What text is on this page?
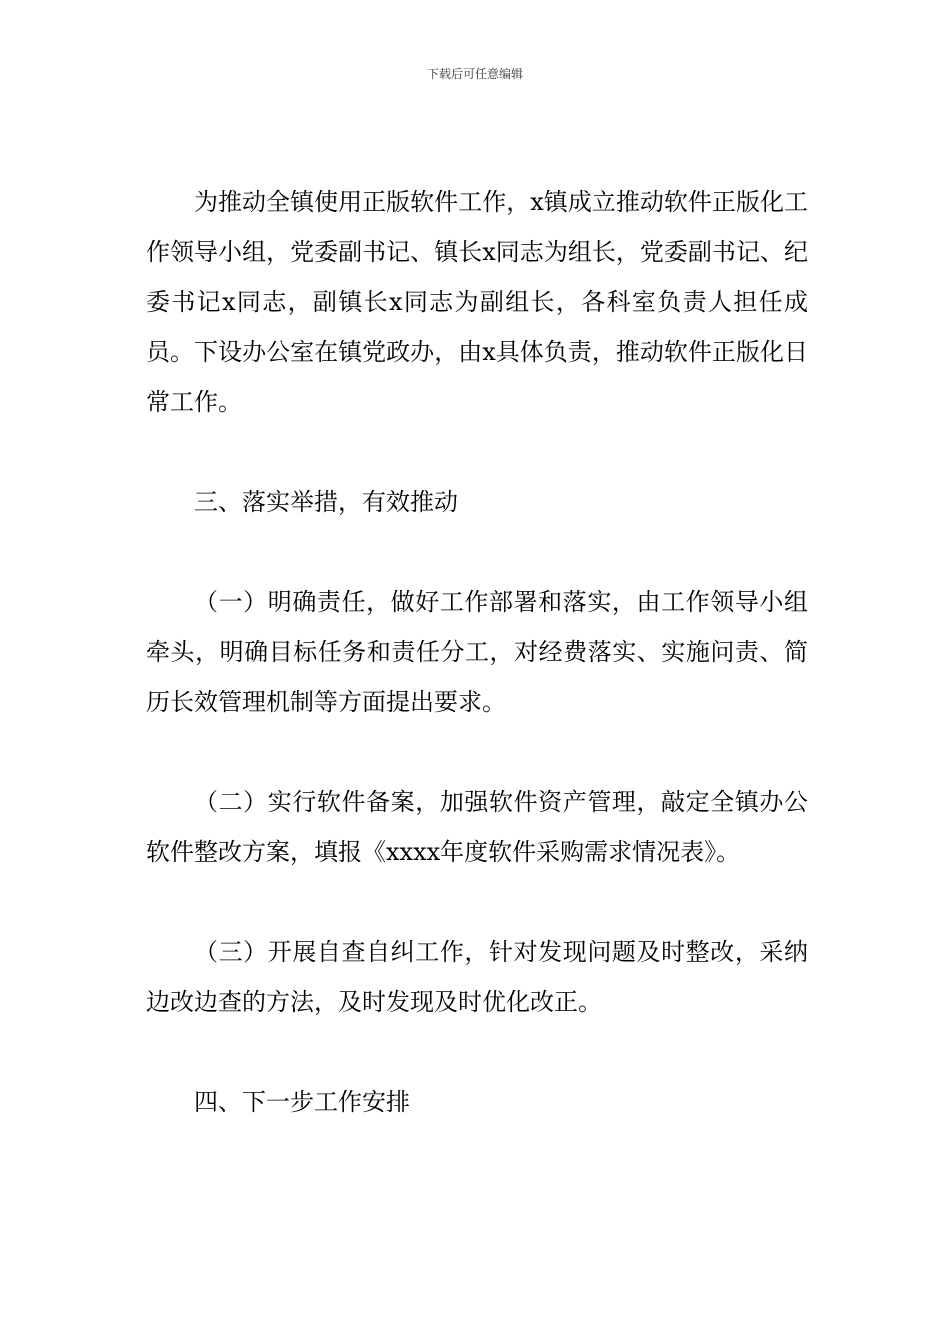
下载后可任意编辑

为推动全镇使用正版软件工作，x镇成立推动软件正版化工作领导小组，党委副书记、镇长x同志为组长，党委副书记、纪委书记x同志，副镇长x同志为副组长，各科室负责人担任成员。下设办公室在镇党政办，由x具体负责，推动软件正版化日常工作。

三、落实举措，有效推动

（一）明确责任，做好工作部署和落实，由工作领导小组牵头，明确目标任务和责任分工，对经费落实、实施问责、简历长效管理机制等方面提出要求。

（二）实行软件备案，加强软件资产管理，敲定全镇办公软件整改方案，填报《xxxx年度软件采购需求情况表》。

（三）开展自查自纠工作，针对发现问题及时整改，采纳边改边查的方法，及时发现及时优化改正。

四、下一步工作安排
